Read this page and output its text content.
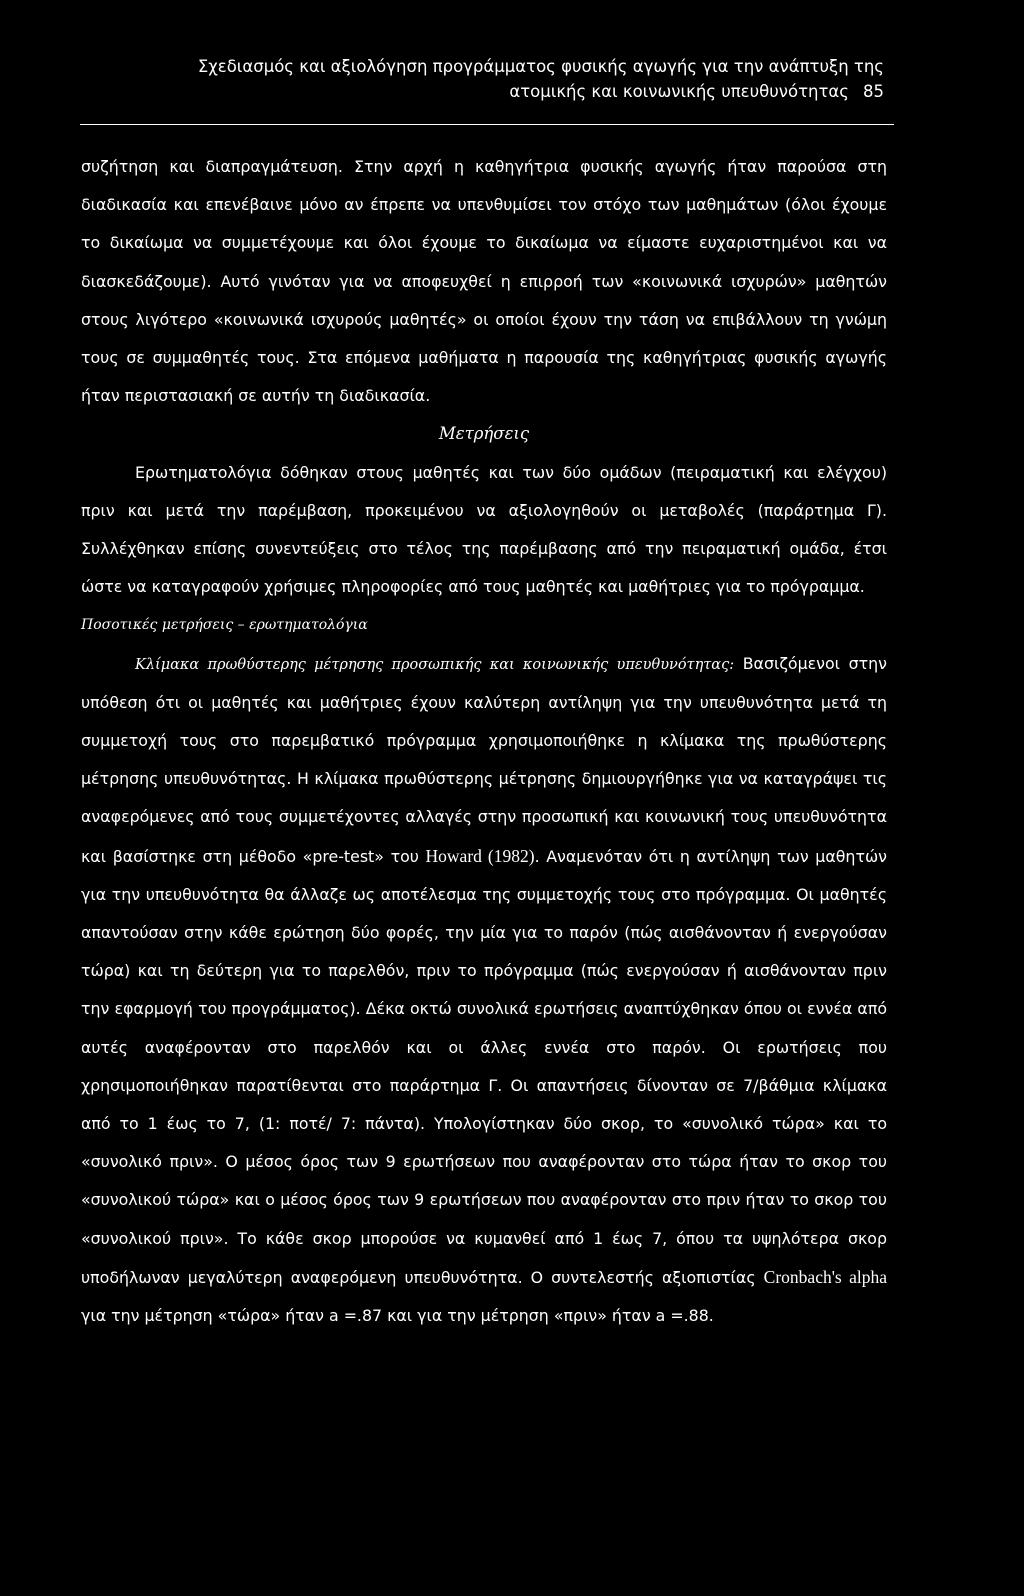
Σχεδιασμός και αξιολόγηση προγράμματος φυσικής αγωγής για την ανάπτυξη της
ατομικής και κοινωνικής υπευθυνότητας 85

συζήτηση και διαπραγμάτευση. Στην αρχή η καθηγήτρια φυσικής αγωγής ήταν παρούσα στη διαδικασία και επενέβαινε μόνο αν έπρεπε να υπενθυμίσει τον στόχο των μαθημάτων (όλοι έχουμε το δικαίωμα να συμμετέχουμε και όλοι έχουμε το δικαίωμα να είμαστε ευχαριστημένοι και να διασκεδάζουμε). Αυτό γινόταν για να αποφευχθεί η επιρροή των «κοινωνικά ισχυρών» μαθητών στους λιγότερο «κοινωνικά ισχυρούς μαθητές» οι οποίοι έχουν την τάση να επιβάλλουν τη γνώμη τους σε συμμαθητές τους. Στα επόμενα μαθήματα η παρουσία της καθηγήτριας φυσικής αγωγής ήταν περιστασιακή σε αυτήν τη διαδικασία.

Μετρήσεις

Ερωτηματολόγια δόθηκαν στους μαθητές και των δύο ομάδων (πειραματική και ελέγχου) πριν και μετά την παρέμβαση, προκειμένου να αξιολογηθούν οι μεταβολές (παράρτημα Γ). Συλλέχθηκαν επίσης συνεντεύξεις στο τέλος της παρέμβασης από την πειραματική ομάδα, έτσι ώστε να καταγραφούν χρήσιμες πληροφορίες από τους μαθητές και μαθήτριες για το πρόγραμμα.

Ποσοτικές μετρήσεις – ερωτηματολόγια

Κλίμακα πρωθύστερης μέτρησης προσωπικής και κοινωνικής υπευθυνότητας: Βασιζόμενοι στην υπόθεση ότι οι μαθητές και μαθήτριες έχουν καλύτερη αντίληψη για την υπευθυνότητα μετά τη συμμετοχή τους στο παρεμβατικό πρόγραμμα χρησιμοποιήθηκε η κλίμακα της πρωθύστερης μέτρησης υπευθυνότητας. Η κλίμακα πρωθύστερης μέτρησης δημιουργήθηκε για να καταγράψει τις αναφερόμενες από τους συμμετέχοντες αλλαγές στην προσωπική και κοινωνική τους υπευθυνότητα και βασίστηκε στη μέθοδο «pre-test» του Howard (1982). Αναμενόταν ότι η αντίληψη των μαθητών για την υπευθυνότητα θα άλλαζε ως αποτέλεσμα της συμμετοχής τους στο πρόγραμμα. Οι μαθητές απαντούσαν στην κάθε ερώτηση δύο φορές, την μία για το παρόν (πώς αισθάνονταν ή ενεργούσαν τώρα) και τη δεύτερη για το παρελθόν, πριν το πρόγραμμα (πώς ενεργούσαν ή αισθάνονταν πριν την εφαρμογή του προγράμματος). Δέκα οκτώ συνολικά ερωτήσεις αναπτύχθηκαν όπου οι εννέα από αυτές αναφέρονταν στο παρελθόν και οι άλλες εννέα στο παρόν. Οι ερωτήσεις που χρησιμοποιήθηκαν παρατίθενται στο παράρτημα Γ. Οι απαντήσεις δίνονταν σε 7/βάθμια κλίμακα από το 1 έως το 7, (1: ποτέ/ 7: πάντα). Υπολογίστηκαν δύο σκορ, το «συνολικό τώρα» και το «συνολικό πριν». Ο μέσος όρος των 9 ερωτήσεων που αναφέρονταν στο τώρα ήταν το σκορ του «συνολικού τώρα» και ο μέσος όρος των 9 ερωτήσεων που αναφέρονταν στο πριν ήταν το σκορ του «συνολικού πριν». Το κάθε σκορ μπορούσε να κυμανθεί από 1 έως 7, όπου τα υψηλότερα σκορ υποδήλωναν μεγαλύτερη αναφερόμενη υπευθυνότητα. Ο συντελεστής αξιοπιστίας Cronbach's alpha για την μέτρηση «τώρα» ήταν a =.87 και για την μέτρηση «πριν» ήταν a =.88.
